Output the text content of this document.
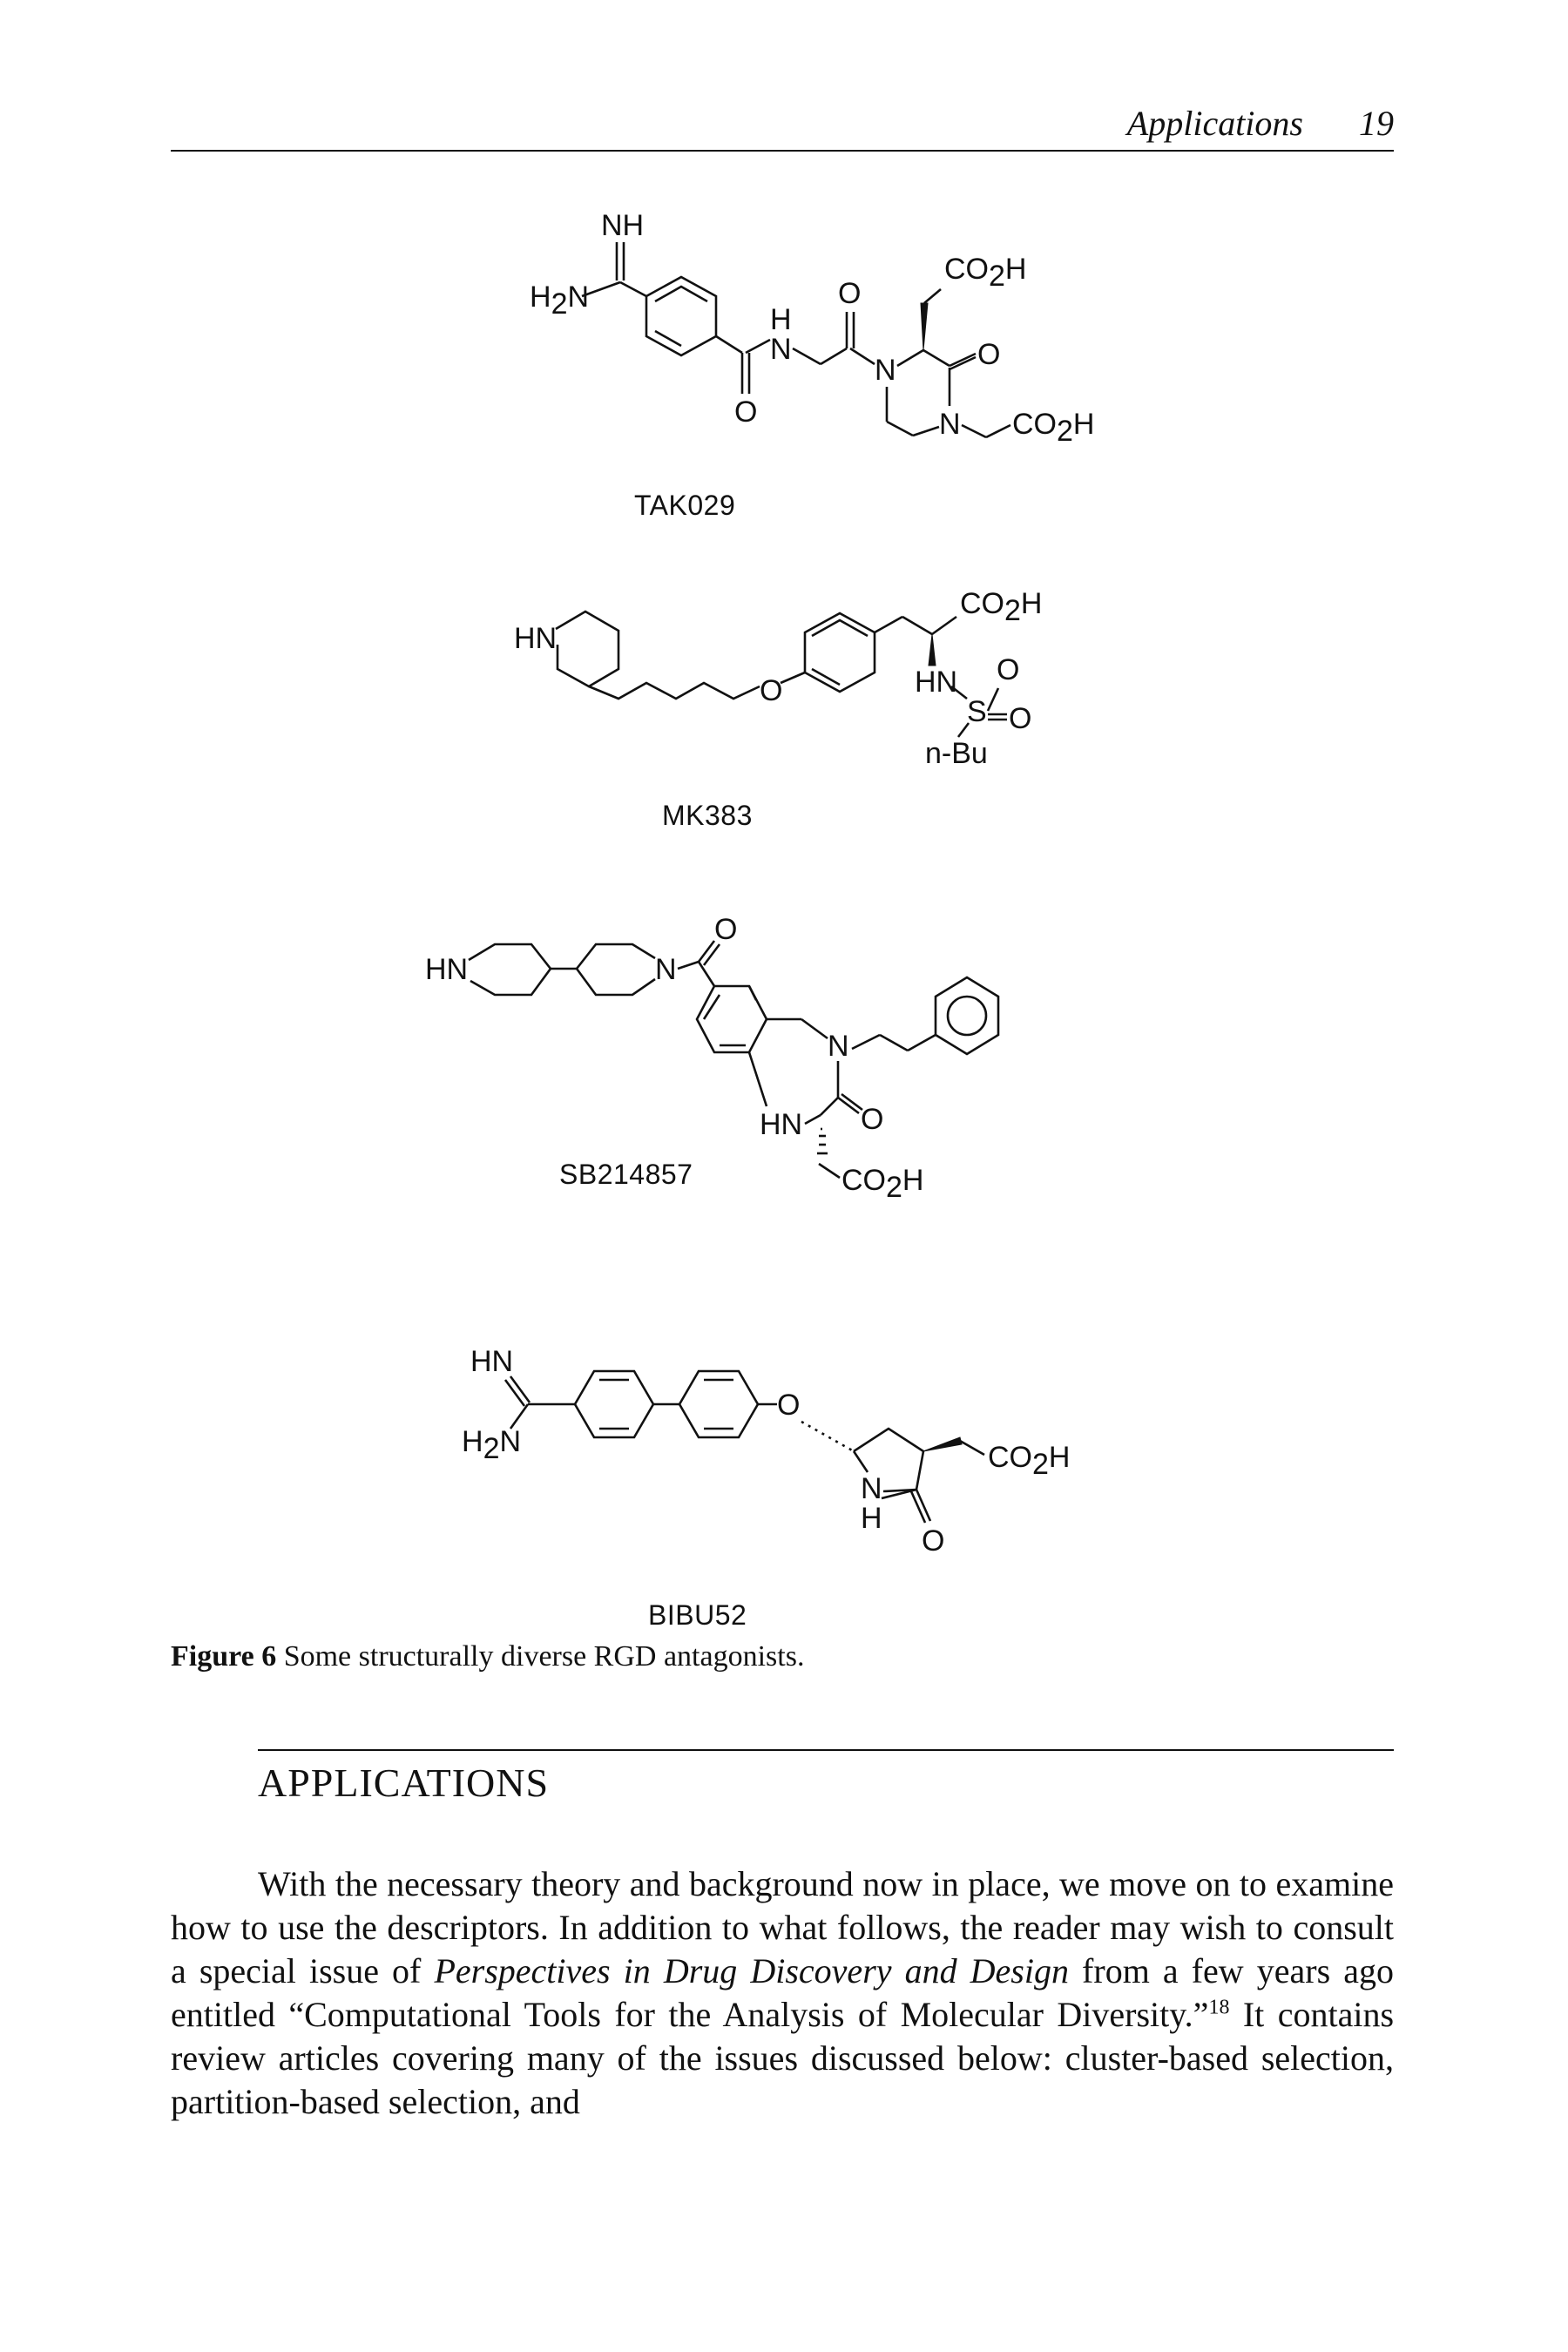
Applications 19
NH
H2N
O
H
N
O
N	O
N
CO2H
CO2H
TAK029
HN
O
CO2H
HN
S
O
O
n-Bu
MK383
HN	N
O
N
O
HN
CO2H
SB214857
HN
H2N
O
N
H
O
CO2H
BIBU52
Figure 6 Some structurally diverse RGD antagonists.
APPLICATIONS

With the necessary theory and background now in place, we move on to examine how to use the descriptors. In addition to what follows, the reader may wish to consult a special issue of Perspectives in Drug Discovery and Design from a few years ago entitled “Computational Tools for the Analysis of Molecular Diversity.”$^{18}$ It contains review articles covering many of the issues discussed below: cluster-based selection, partition-based selection, and
